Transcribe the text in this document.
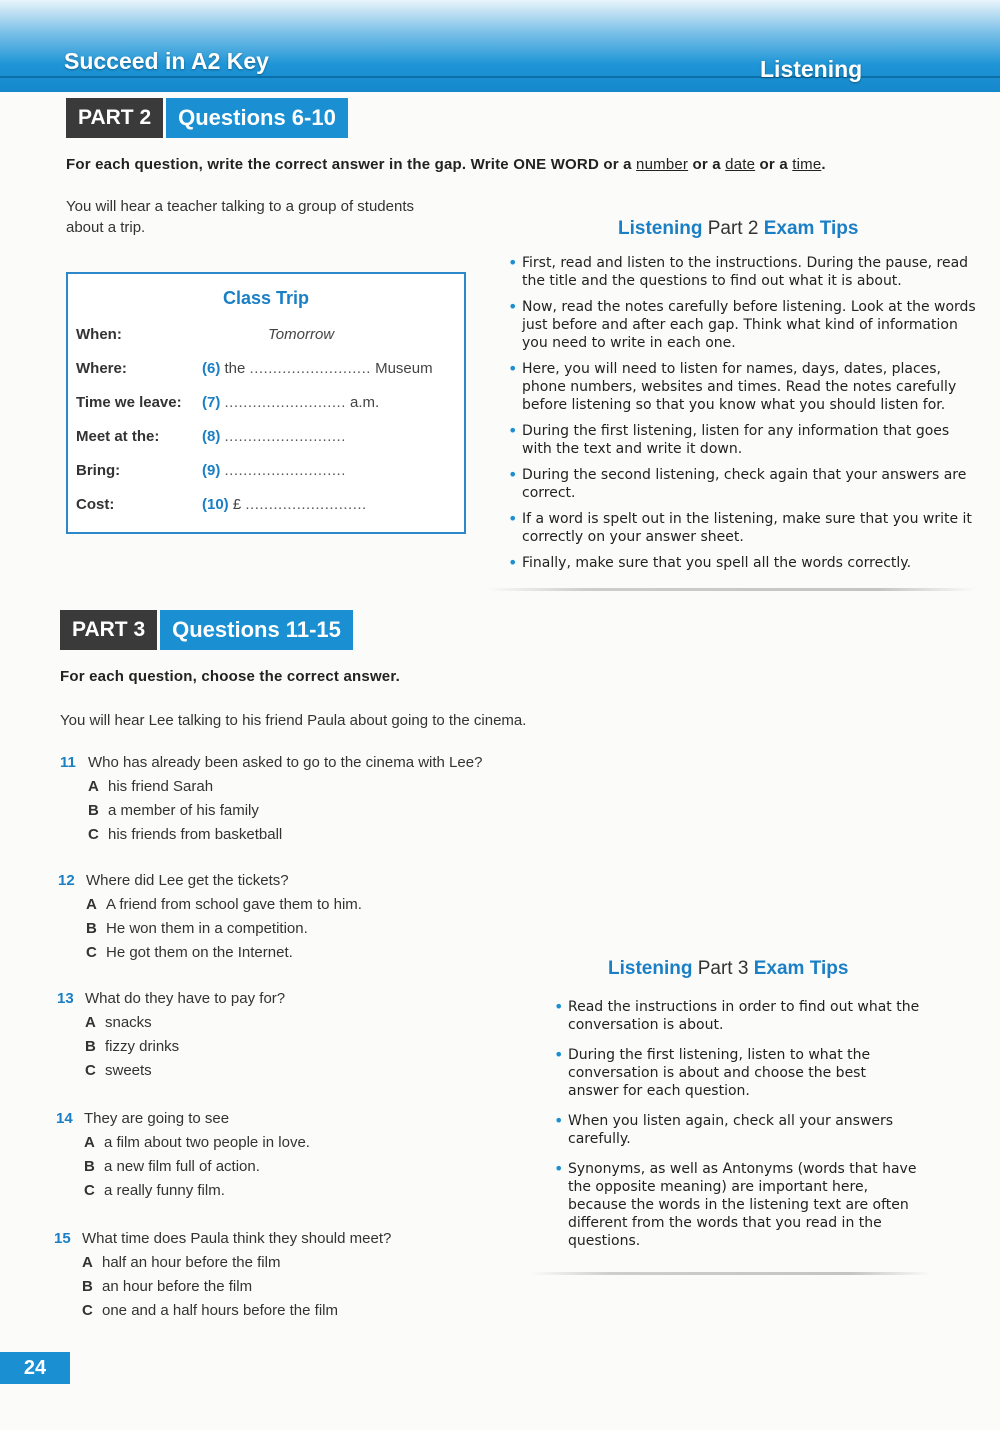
Succeed in A2 Key	Listening
PART 2	Questions 6-10
For each question, write the correct answer in the gap. Write ONE WORD or a number or a date or a time.
You will hear a teacher talking to a group of students
about a trip.
Class Trip
When:	Tomorrow
Where:	(6) the .......................... Museum
Time we leave:	(7) .......................... a.m.
Meet at the:	(8) ..........................
Bring:	(9) ..........................
Cost:	(10) £ ..........................
Listening Part 2 Exam Tips
• First, read and listen to the instructions. During the pause, read the title and the questions to find out what it is about.
• Now, read the notes carefully before listening. Look at the words just before and after each gap. Think what kind of information you need to write in each one.
• Here, you will need to listen for names, days, dates, places, phone numbers, websites and times. Read the notes carefully before listening so that you know what you should listen for.
• During the first listening, listen for any information that goes with the text and write it down.
• During the second listening, check again that your answers are correct.
• If a word is spelt out in the listening, make sure that you write it correctly on your answer sheet.
• Finally, make sure that you spell all the words correctly.
PART 3	Questions 11-15
For each question, choose the correct answer.
You will hear Lee talking to his friend Paula about going to the cinema.
11 Who has already been asked to go to the cinema with Lee?
A his friend Sarah
B a member of his family
C his friends from basketball
12 Where did Lee get the tickets?
A A friend from school gave them to him.
B He won them in a competition.
C He got them on the Internet.
13 What do they have to pay for?
A snacks
B fizzy drinks
C sweets
14 They are going to see
A a film about two people in love.
B a new film full of action.
C a really funny film.
15 What time does Paula think they should meet?
A half an hour before the film
B an hour before the film
C one and a half hours before the film
Listening Part 3 Exam Tips
• Read the instructions in order to find out what the conversation is about.
• During the first listening, listen to what the conversation is about and choose the best answer for each question.
• When you listen again, check all your answers carefully.
• Synonyms, as well as Antonyms (words that have the opposite meaning) are important here, because the words in the listening text are often different from the words that you read in the questions.
24
